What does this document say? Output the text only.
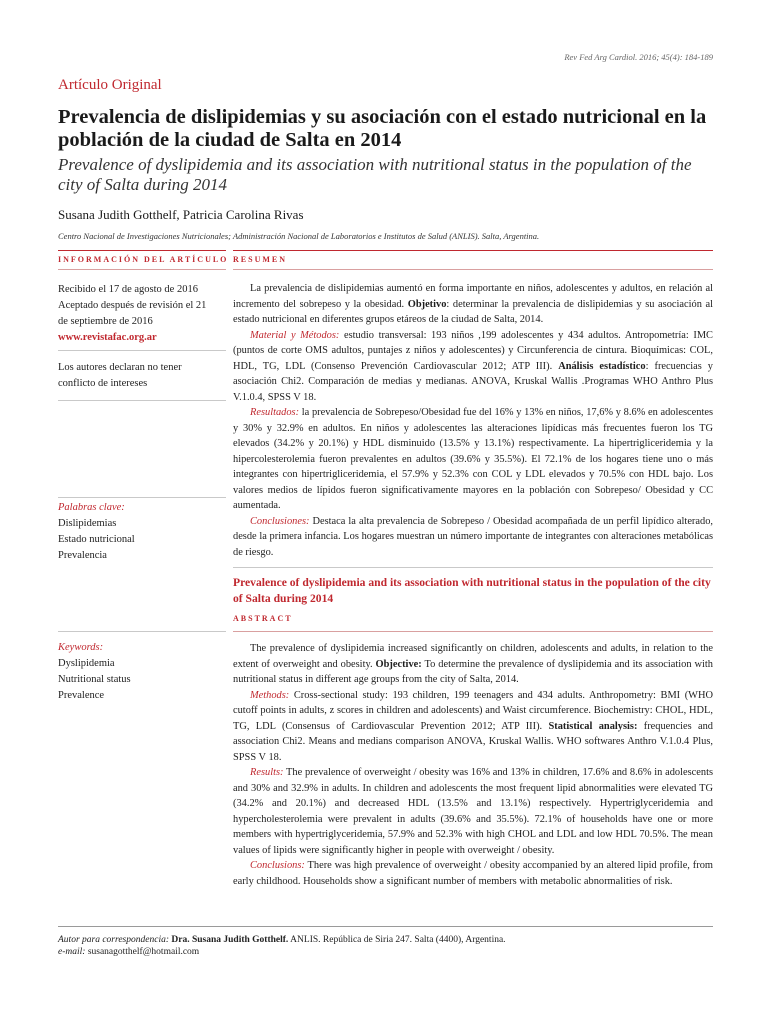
Rev Fed Arg Cardiol. 2016; 45(4): 184-189
Artículo Original
Prevalencia de dislipidemias y su asociación con el estado nutricional en la población de la ciudad de Salta en 2014
Prevalence of dyslipidemia and its association with nutritional status in the population of the city of Salta during 2014
Susana Judith Gotthelf, Patricia Carolina Rivas
Centro Nacional de Investigaciones Nutricionales; Administración Nacional de Laboratorios e Institutos de Salud (ANLIS). Salta, Argentina.
INFORMACIÓN DEL ARTÍCULO RESUMEN

Recibido el 17 de agosto de 2016

Aceptado después de revisión el 21 de septiembre de 2016

www.revistafac.org.ar

Los autores declaran no tener conflicto de intereses

Palabras clave:

Dislipidemias

Estado nutricional

Prevalencia

La prevalencia de dislipidemias aumentó en forma importante en niños, adolescentes y adultos, en relación al incremento del sobrepeso y la obesidad. Objetivo: determinar la prevalencia de dislipidemias y su asociación al estado nutricional en diferentes grupos etáreos de la ciudad de Salta, 2014.

Material y Métodos: estudio transversal: 193 niños ,199 adolescentes y 434 adultos. Antropometría: IMC (puntos de corte OMS adultos, puntajes z niños y adolescentes) y Circunferencia de cintura. Bioquímicas: COL, HDL, TG, LDL (Consenso Prevención Cardiovascular 2012; ATP III). Análisis estadístico: frecuencias y asociación Chi2. Comparación de medias y medianas. ANOVA, Kruskal Wallis .Programas WHO Anthro Plus V.1.0.4, SPSS V 18.

Resultados: la prevalencia de Sobrepeso/Obesidad fue del 16% y 13% en niños, 17,6% y 8.6% en adolescentes y 30% y 32.9% en adultos. En niños y adolescentes las alteraciones lipídicas más frecuentes fueron los TG elevados (34.2% y 20.1%) y HDL disminuido (13.5% y 13.1%) respectivamente. La hipertrigliceridemia y la hipercolesterolemia fueron prevalentes en adultos (39.6% y 35.5%). El 72.1% de los hogares tiene uno o más integrantes con hipertrigliceridemia, el 57.9% y 52.3% con COL y LDL elevados y 70.5% con HDL bajo. Los valores medios de lípidos fueron significativamente mayores en la población con Sobrepeso/ Obesidad y CC aumentada.

Conclusiones: Destaca la alta prevalencia de Sobrepeso / Obesidad acompañada de un perfil lipídico alterado, desde la primera infancia. Los hogares muestran un número importante de integrantes con alteraciones metabólicas de riesgo.

Prevalence of dyslipidemia and its association with nutritional status in the population of the city of Salta during 2014
ABSTRACT

Keywords:

Dyslipidemia

Nutritional status

Prevalence

The prevalence of dyslipidemia increased significantly on children, adolescents and adults, in relation to the extent of overweight and obesity. Objective: To determine the prevalence of dyslipidemia and its association with nutritional status in different age groups from the city of Salta, 2014.

Methods: Cross-sectional study: 193 children, 199 teenagers and 434 adults. Anthropometry: BMI (WHO cutoff points in adults, z scores in children and adolescents) and Waist circumference. Biochemistry: CHOL, HDL, TG, LDL (Consensus of Cardiovascular Prevention 2012; ATP III). Statistical analysis: frequencies and association Chi2. Means and medians comparison ANOVA, Kruskal Wallis. WHO softwares Anthro V.1.0.4 Plus, SPSS V 18.

Results: The prevalence of overweight / obesity was 16% and 13% in children, 17.6% and 8.6% in adolescents and 30% and 32.9% in adults. In children and adolescents the most frequent lipid abnormalities were elevated TG (34.2% and 20.1%) and decreased HDL (13.5% and 13.1%) respectively. Hypertriglyceridemia and hypercholesterolemia were prevalent in adults (39.6% and 35.5%). 72.1% of households have one or more members with hypertriglyceridemia, 57.9% and 52.3% with high CHOL and LDL and low HDL 70.5%. The mean values of lipids were significantly higher in people with overweight / obesity.

Conclusions: There was high prevalence of overweight / obesity accompanied by an altered lipid profile, from early childhood. Households show a significant number of members with metabolic abnormalities of risk.

Autor para correspondencia: Dra. Susana Judith Gotthelf. ANLIS. República de Siria 247. Salta (4400), Argentina.
e-mail: susanagotthelf@hotmail.com
